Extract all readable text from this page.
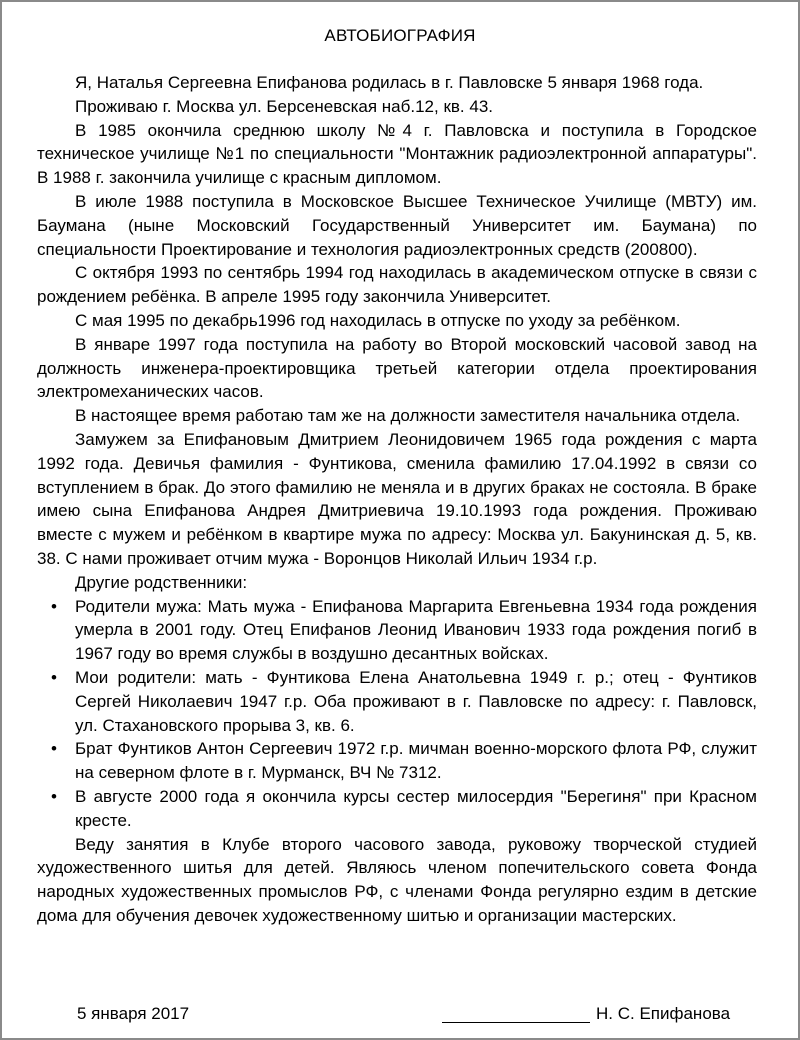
АВТОБИОГРАФИЯ

Я, Наталья Сергеевна Епифанова родилась в г. Павловске 5 января 1968 года.

Проживаю г. Москва ул. Берсеневская наб.12, кв. 43.

В 1985 окончила среднюю школу №4 г. Павловска и поступила в Городское техническое училище №1 по специальности "Монтажник радиоэлектронной аппаратуры". В 1988 г. закончила училище с красным дипломом.

В июле 1988 поступила в Московское Высшее Техническое Училище (МВТУ) им. Баумана (ныне Московский Государственный Университет им. Баумана) по специальности Проектирование и технология радиоэлектронных средств (200800).

С октября 1993 по сентябрь 1994 год находилась в академическом отпуске в связи с рождением ребёнка. В апреле 1995 году закончила Университет.

С мая 1995 по декабрь1996 год находилась в отпуске по уходу за ребёнком.

В январе 1997 года поступила на работу во Второй московский часовой завод на должность инженера-проектировщика третьей категории отдела проектирования электромеханических часов.

В настоящее время работаю там же на должности заместителя начальника отдела.

Замужем за Епифановым Дмитрием Леонидовичем 1965 года рождения с марта 1992 года. Девичья фамилия - Фунтикова, сменила фамилию 17.04.1992 в связи со вступлением в брак. До этого фамилию не меняла и в других браках не состояла. В браке имею сына Епифанова Андрея Дмитриевича 19.10.1993 года рождения. Проживаю вместе с мужем и ребёнком в квартире мужа по адресу: Москва ул. Бакунинская д. 5, кв. 38. С нами проживает отчим мужа - Воронцов Николай Ильич 1934 г.р.

Другие родственники:

• Родители мужа: Мать мужа - Епифанова Маргарита Евгеньевна 1934 года рождения умерла в 2001 году. Отец Епифанов Леонид Иванович 1933 года рождения погиб в 1967 году во время службы в воздушно десантных войсках.
• Мои родители: мать - Фунтикова Елена Анатольевна 1949 г. р.; отец - Фунтиков Сергей Николаевич 1947 г.р. Оба проживают в г. Павловске по адресу: г. Павловск, ул. Стахановского прорыва 3, кв. 6.
• Брат Фунтиков Антон Сергеевич 1972 г.р. мичман военно-морского флота РФ, служит на северном флоте в г. Мурманск, ВЧ № 7312.
• В августе 2000 года я окончила курсы сестер милосердия "Берегиня" при Красном кресте.

Веду занятия в Клубе второго часового завода, руковожу творческой студией художественного шитья для детей. Являюсь членом попечительского совета Фонда народных художественных промыслов РФ, с членами Фонда регулярно ездим в детские дома для обучения девочек художественному шитью и организации мастерских.

5 января 2017	Н. С. Епифанова
